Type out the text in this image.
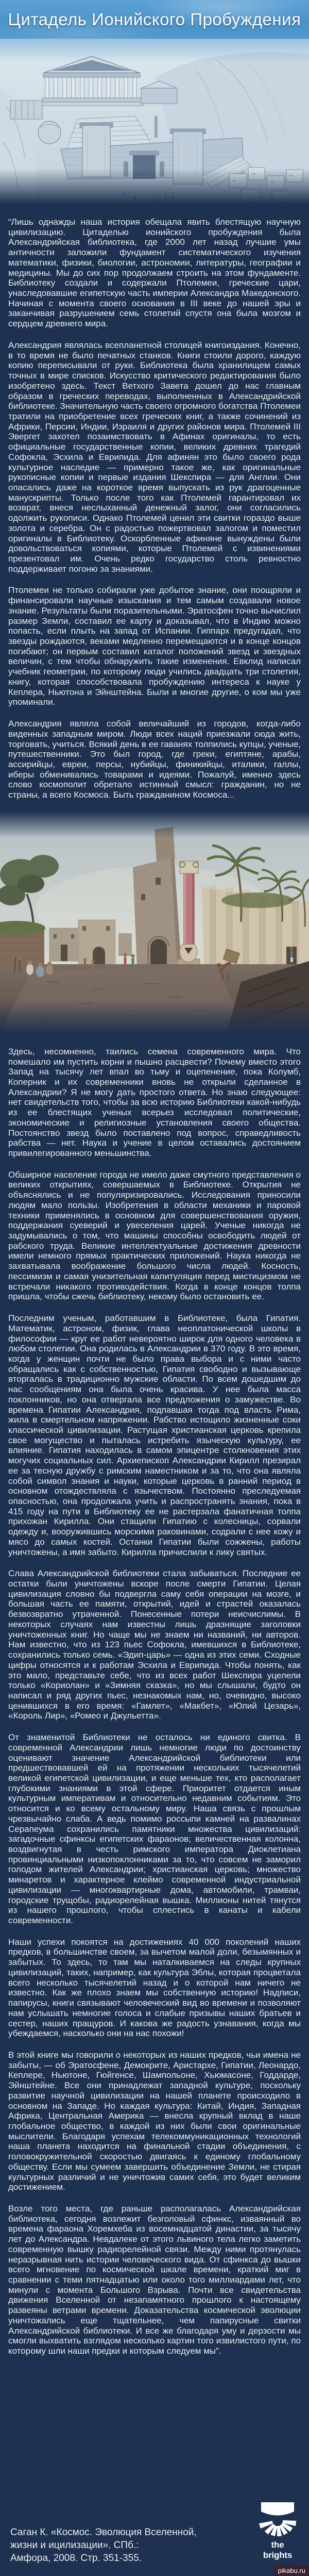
Цитадель Ионийского Пробуждения

“Лишь однажды наша история обещала явить блестящую научную цивилизацию. Цитаделью ионийского пробуждения была Александрийская библиотека, где 2000 лет назад лучшие умы античности заложили фундамент систематического изучения математики, физики, биологии, астрономии, литературы, географии и медицины. Мы до сих пор продолжаем строить на этом фундаменте. Библиотеку создали и содержали Птолемеи, греческие цари, унаследовавшие египетскую часть империи Александра Македонского. Начиная с момента своего основания в III веке до нашей эры и заканчивая разрушением семь столетий спустя она была мозгом и сердцем древнего мира.

Александрия являлась всепланетной столицей книгоиздания. Конечно, в то время не было печатных станков. Книги стоили дорого, каждую копию переписывали от руки. Библиотека была хранилищем самых точных в мире списков. Искусство критического редактирования было изобретено здесь. Текст Ветхого Завета дошел до нас главным образом в греческих переводах, выполненных в Александрийской библиотеке. Значительную часть своего огромного богатства Птолемеи тратили на приобретение всех греческих книг, а также сочинений из Африки, Персии, Индии, Израиля и других районов мира. Птолемей III Эвергет захотел позаимствовать в Афинах оригиналы, то есть официальные государственные копии, великих древних трагедий Софокла, Эсхила и Еврипида. Для афинян это было своего рода культурное наследие — примерно такое же, как оригинальные рукописные копии и первые издания Шекспира — для Англии. Они опасались даже на короткое время выпускать из рук драгоценные манускрипты. Только после того как Птолемей гарантировал их возврат, внеся неслыханный денежный залог, они согласились одолжить рукописи. Однако Птолемей ценил эти свитки гораздо выше золота и серебра. Он с радостью пожертвовал залогом и поместил оригиналы в Библиотеку. Оскорбленные афиняне вынуждены были довольствоваться копиями, которые Птолемей с извинениями презентовал им. Очень редко государство столь ревностно поддерживает погоню за знаниями.

Птолемеи не только собирали уже добытое знание, они поощряли и финансировали научные изыскания и тем самым создавали новое знание. Результаты были поразительными. Эратосфен точно вычислил размер Земли, составил ее карту и доказывал, что в Индию можно попасть, если плыть на запад от Испании. Гиппарх предугадал, что звезды рождаются, веками медленно перемещаются и в конце концов погибают; он первым составил каталог положений звезд и звездных величин, с тем чтобы обнаружить такие изменения. Евклид написал учебник геометрии, по которому люди учились двадцать три столетия, книгу, которая способствовала пробуждению интереса к науке у Кеплера, Ньютона и Эйнштейна. Были и многие другие, о ком мы уже упоминали.

Александрия являла собой величайший из городов, когда-либо виденных западным миром. Люди всех наций приезжали сюда жить, торговать, учиться. Всякий день в ее гаванях толпились купцы, ученые, путешественники. Это был город, где греки, египтяне, арабы, ассирийцы, евреи, персы, нубийцы, финикийцы, италики, галлы, иберы обменивались товарами и идеями. Пожалуй, именно здесь слово космополит обретало истинный смысл: гражданин, но не страны, а всего Космоса. Быть гражданином Космоса...

Здесь, несомненно, таились семена современного мира. Что помешало им пустить корни и пышно расцвести? Почему вместо этого Запад на тысячу лет впал во тьму и оцепенение, пока Колумб, Коперник и их современники вновь не открыли сделанное в Александрии? Я не могу дать простого ответа. Но знаю следующее: нет свидетельств того, чтобы за всю историю Библиотеки какой-нибудь из ее блестящих ученых всерьез исследовал политические, экономические и религиозные установления своего общества. Постоянство звезд было поставлено под вопрос, справедливость рабства — нет. Наука и учение в целом оставались достоянием привилегированного меньшинства.

Обширное население города не имело даже смутного представления о великих открытиях, совершаемых в Библиотеке. Открытия не объяснялись и не популяризировались. Исследования приносили людям мало пользы. Изобретения в области механики и паровой техники применялись в основном для совершенствования оружия, поддержания суеверий и увеселения царей. Ученые никогда не задумывались о том, что машины способны освободить людей от рабского труда. Великие интеллектуальные достижения древности имели немного прямых практических приложений. Наука никогда не захватывала воображение большого числа людей. Косность, пессимизм и самая унизительная капитуляция перед мистицизмом не встречали никакого противодействия. Когда в конце концов толпа пришла, чтобы сжечь библиотеку, некому было остановить ее.

Последним ученым, работавшим в Библиотеке, была Гипатия. Математик, астроном, физик, глава неоплатонической школы в философии — круг ее работ невероятно широк для одного человека в любом столетии. Она родилась в Александрии в 370 году. В это время, когда у женщин почти не было права выбора и с ними часто обращались как с собственностью, Гипатия свободно и вызывающе вторгалась в традиционно мужские области. По всем дошедшим до нас сообщениям она была очень красива. У нее была масса поклонников, но она отвергала все предложения о замужестве. Во времена Гипатии Александрия, подпавшая тогда под власть Рима, жила в смертельном напряжении. Рабство истощило жизненные соки классической цивилизации. Растущая христианская церковь крепила свое могущество и пыталась истребить языческую культуру, ее влияние. Гипатия находилась в самом эпицентре столкновения этих могучих социальных сил. Архиепископ Александрии Кирилл презирал ее за тесную дружбу с римским наместником и за то, что она являла собой символ знания и науки, которые церковь в ранний период в основном отождествляла с язычеством. Постоянно преследуемая опасностью, она продолжала учить и распространять знания, пока в 415 году на пути в Библиотеку ее не растерзала фанатичная толпа прихожан Кирилла. Они стащили Гипатию с колесницы, сорвали одежду и, вооружившись морскими раковинами, содрали с нее кожу и мясо до самых костей. Останки Гипатии были сожжены, работы уничтожены, а имя забыто. Кирилла причислили к лику святых.

Слава Александрийской библиотеки стала забываться. Последние ее остатки были уничтожены вскоре после смерти Гипатии. Целая цивилизация словно бы подвергла саму себя операции на мозге, и большая часть ее памяти, открытий, идей и страстей оказалась безвозвратно утраченной. Понесенные потери неисчислимы. В некоторых случаях нам известны лишь дразнящие заголовки уничтоженных книг. Но чаще мы не знаем ни названий, ни авторов. Нам известно, что из 123 пьес Софокла, имевшихся в Библиотеке, сохранились только семь. «Эдип-царь» — одна из этих семи. Сходные цифры относятся и к работам Эсхила и Еврипида. Чтобы понять, как это мало, представьте себе, что из всех работ Шекспира уцелели только «Кориолан» и «Зимняя сказка», но мы слышали, будто он написал и ряд других пьес, незнакомых нам, но, очевидно, высоко ценившихся в его время: «Гамлет», «Макбет», «Юлий Цезарь», «Король Лир», «Ромео и Джульетта».

От знаменитой Библиотеки не осталось ни единого свитка. В современной Александрии лишь немногие люди по достоинству оценивают значение Александрийской библиотеки или предшествовавшей ей на протяжении нескольких тысячелетий великой египетской цивилизации, и еще меньше тех, кто располагает глубокими знаниями в этой сфере. Приоритет отдается иным культурным императивам и относительно недавним событиям. Это относится и ко всему остальному миру. Наша связь с прошлым чрезвычайно слаба. А ведь помимо россыпи камней на развалинах Серапеума сохранились памятники множества цивилизаций: загадочные сфинксы египетских фараонов; величественная колонна, воздвигнутая в честь римского императора Диоклетиана провинциальными низкопоклонниками за то, что совсем не заморил голодом жителей Александрии; христианская церковь; множество минаретов и характерное клеймо современной индустриальной цивилизации — многоквартирные дома, автомобили, трамваи, городские трущобы, радиорелейная вышка. Миллионы нитей тянутся из нашего прошлого, чтобы сплестись в канаты и кабели современности.

Наши успехи покоятся на достижениях 40 000 поколений наших предков, в большинстве своем, за вычетом малой доли, безымянных и забытых. То здесь, то там мы наталкиваемся на следы крупных цивилизаций, таких, например, как культура Эблы, которая процветала всего несколько тысячелетий назад и о которой нам ничего не известно. Как же плохо знаем мы собственную историю! Надписи, папирусы, книги связывают человеческий вид во времени и позволяют нам услышать немногие голоса и слабые призывы наших братьев и сестер, наших пращуров. И какова же радость узнавания, когда мы убеждаемся, насколько они на нас похожи!

В этой книге мы говорили о некоторых из наших предков, чьи имена не забыты, — об Эратосфене, Демокрите, Аристархе, Гипатии, Леонардо, Кеплере, Ньютоне, Гюйгенсе, Шампольоне, Хьюмасоне, Годдарде, Эйнштейне. Все они принадлежат западной культуре, поскольку развитие научной цивилизации на нашей планете происходило в основном на Западе. Но каждая культура: Китай, Индия, Западная Африка, Центральная Америка — внесла крупный вклад в наше глобальное общество, в каждой из них были свои оригинальные мыслители. Благодаря успехам телекоммуникационных технологий наша планета находится на финальной стадии объединения, с головокружительной скоростью двигаясь к единому глобальному обществу. Если мы сумеем завершить объединение Земли, не стирая культурных различий и не уничтожив самих себя, это будет великим достижением.

Возле того места, где раньше располагалась Александрийская библиотека, сегодня возлежит безголовый сфинкс, изваянный во времена фараона Хоремхеба из восемнадцатой династии, за тысячу лет до Александра. Невдалеке от этого львиного тела легко заметить современную вышку радиорелейной связи. Между ними протянулась неразрывная нить истории человеческого вида. От сфинкса до вышки всего мгновение по космической шкале времени, краткий миг в сравнении с теми пятнадцатью или около того миллиардами лет, что минули с момента Большого Взрыва. Почти все свидетельства движения Вселенной от незапамятного прошлого к настоящему развеяны ветрами времени. Доказательства космической эволюции уничтожались еще тщательнее, чем папирусные свитки Александрийской библиотеки. И все же благодаря уму и дерзости мы смогли выхватить взглядом несколько картин того извилистого пути, по которому шли наши предки и которым следуем мы”.

Саган К. «Космос. Эволюция Вселенной,
жизни и ицилизации». СПб.:
Амфора, 2008. Стр. 351-355.
the brights
pikabu.ru
